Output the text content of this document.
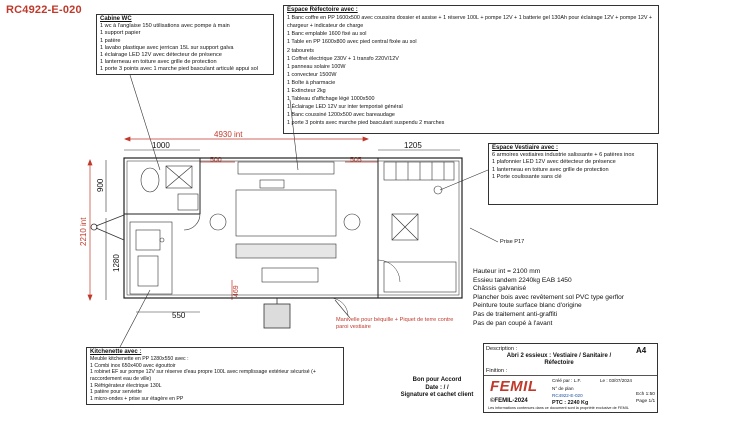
RC4922-E-020
Cabine WC
1 wc à l'anglaise 150 utilisations avec pompe à main
1 support papier
1 patère
1 lavabo plastique avec jerrican 15L sur support galva
1 éclairage LED 12V avec détecteur de présence
1 lanterneau en toiture avec grille de protection
1 porte 3 points avec 1 marche pied basculant articulé appui sol
Espace Réfectoire avec :
1 Banc coffre en PP 1600x500 avec coussins dossier et assise + 1 réserve 100L + pompe 12V + 1 batterie gel 130Ah pour éclairage 12V + pompe 12V + chargeur + indicateur de charge
1 Banc emplable 1600 fixé au sol
1 Table en PP 1600x800 avec pied central fixée au sol
2 tabourets
1 Coffret électrique 230V + 1 transfo 220V/12V
1 panneau solaire 100W
1 convecteur 1500W
1 Boîte à pharmacie
1 Extincteur 2kg
1 Tableau d'affichage légé 1000x500
1 Éclairage LED 12V sur inter temporisé général
1 Banc coussiné 1200x500 avec bareaudage
1 porte 3 points avec marche pied basculant suspendu 2 marches
Espace Vestiaire avec :
6 armoires vestiaires industrie salissante + 6 patères inox
1 plafonnier LED 12V avec détecteur de présence
1 lanterneau en toiture avec grille de protection
1 Porte coulissante sans clé
Kitchenette avec :
Meuble kitchenette en PP 1280x550 avec :
1 Combi inox 650x400 avec égouttoir
1 robinet EF sur pompe 12V sur réserve d'eau propre 100L avec remplissage extérieur sécurisé (+ raccordement eau de ville)
1 Réfrigérateur électrique 130L
1 patère pour serviette
1 micro-ondes + prise sur étagère en PP
Hauteur int = 2100 mm
Essieu tandem 2240kg EAB 1450
Châssis galvanisé
Plancher bois avec revêtement sol PVC type gerflor
Peinture toute surface blanc d'origine
Pas de traitement anti-graffiti
Pas de pan coupé à l'avant
Prise P17
Manivelle pour béquille + Piquet de terre contre paroi vestiaire
4930 int
2210 int
500	505
469
1000	1205
900
1280
550
Description :
Abri 2 essieux : Vestiaire / Sanitaire / Réfectoire
A4
Finition :
FEMIL
©FEMIL-2024
Créé par : L.F.
N° de plan
RC4922-E-020
PTC : 2240 Kg
Le : 03/07/2024
Ech 1:50
Page 1/1
Les informations contenues dans ce document sont la propriété exclusive de FEMIL
Bon pour Accord
Date : / /
Signature et cachet client
